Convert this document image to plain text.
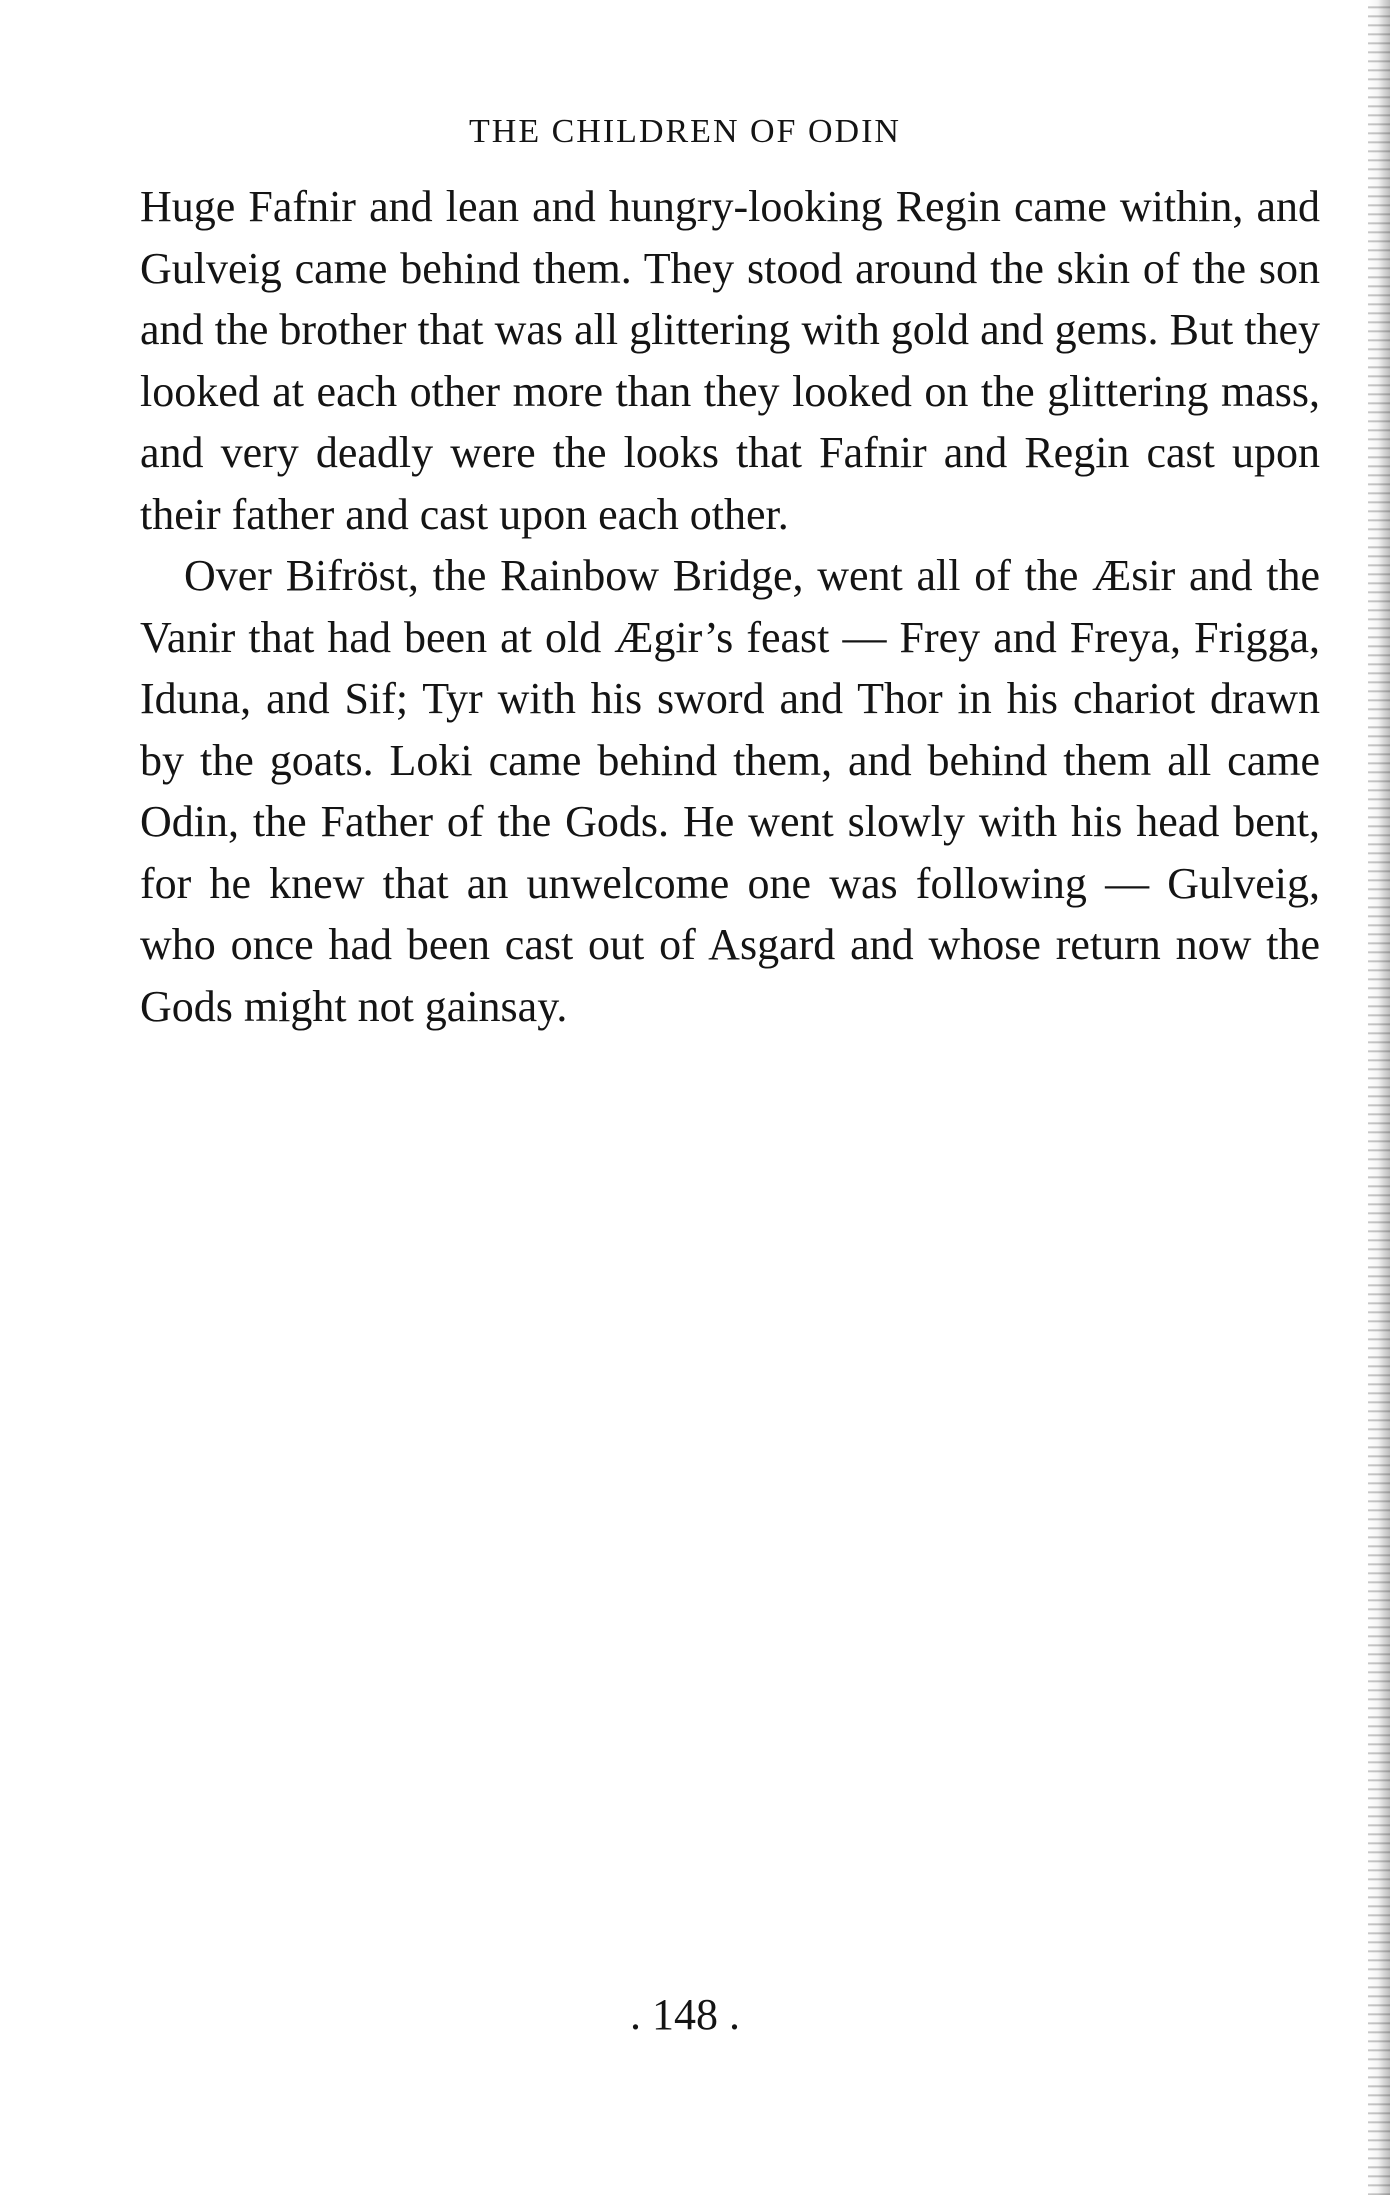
THE CHILDREN OF ODIN

Huge Fafnir and lean and hungry-looking Regin came within, and Gulveig came behind them. They stood around the skin of the son and the brother that was all glittering with gold and gems. But they looked at each other more than they looked on the glittering mass, and very deadly were the looks that Fafnir and Regin cast upon their father and cast upon each other.

Over Bifröst, the Rainbow Bridge, went all of the Æsir and the Vanir that had been at old Ægir’s feast — Frey and Freya, Frigga, Iduna, and Sif; Tyr with his sword and Thor in his chariot drawn by the goats. Loki came behind them, and behind them all came Odin, the Father of the Gods. He went slowly with his head bent, for he knew that an unwelcome one was following — Gulveig, who once had been cast out of Asgard and whose return now the Gods might not gainsay.

. 148 .
